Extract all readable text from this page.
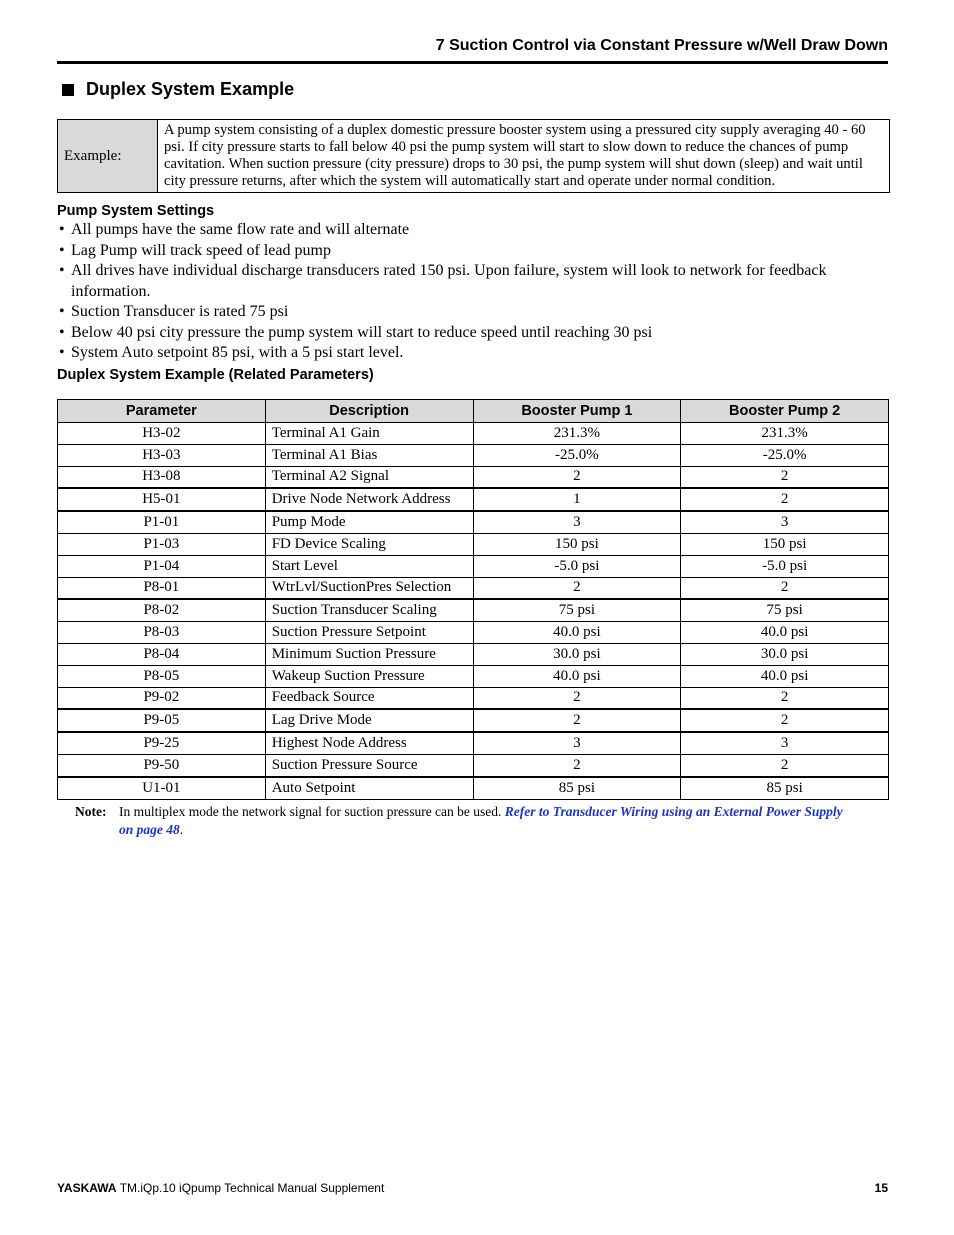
7 Suction Control via Constant Pressure w/Well Draw Down
Duplex System Example
Example:
A pump system consisting of a duplex domestic pressure booster system using a pressured city supply averaging 40 - 60 psi. If city pressure starts to fall below 40 psi the pump system will start to slow down to reduce the chances of pump cavitation. When suction pressure (city pressure) drops to 30 psi, the pump system will shut down (sleep) and wait until city pressure returns, after which the system will automatically start and operate under normal condition.
Pump System Settings
• All pumps have the same flow rate and will alternate
• Lag Pump will track speed of lead pump
• All drives have individual discharge transducers rated 150 psi. Upon failure, system will look to network for feedback information.
• Suction Transducer is rated 75 psi
• Below 40 psi city pressure the pump system will start to reduce speed until reaching 30 psi
• System Auto setpoint 85 psi, with a 5 psi start level.
Duplex System Example (Related Parameters)
Parameter	Description	Booster Pump 1	Booster Pump 2
H3-02	Terminal A1 Gain	231.3%	231.3%
H3-03	Terminal A1 Bias	-25.0%	-25.0%
H3-08	Terminal A2 Signal	2	2
H5-01	Drive Node Network Address	1	2
P1-01	Pump Mode	3	3
P1-03	FD Device Scaling	150 psi	150 psi
P1-04	Start Level	-5.0 psi	-5.0 psi
P8-01	WtrLvl/SuctionPres Selection	2	2
P8-02	Suction Transducer Scaling	75 psi	75 psi
P8-03	Suction Pressure Setpoint	40.0 psi	40.0 psi
P8-04	Minimum Suction Pressure	30.0 psi	30.0 psi
P8-05	Wakeup Suction Pressure	40.0 psi	40.0 psi
P9-02	Feedback Source	2	2
P9-05	Lag Drive Mode	2	2
P9-25	Highest Node Address	3	3
P9-50	Suction Pressure Source	2	2
U1-01	Auto Setpoint	85 psi	85 psi
Note: In multiplex mode the network signal for suction pressure can be used. Refer to Transducer Wiring using an External Power Supply on page 48.
YASKAWA TM.iQp.10 iQpump Technical Manual Supplement	15
